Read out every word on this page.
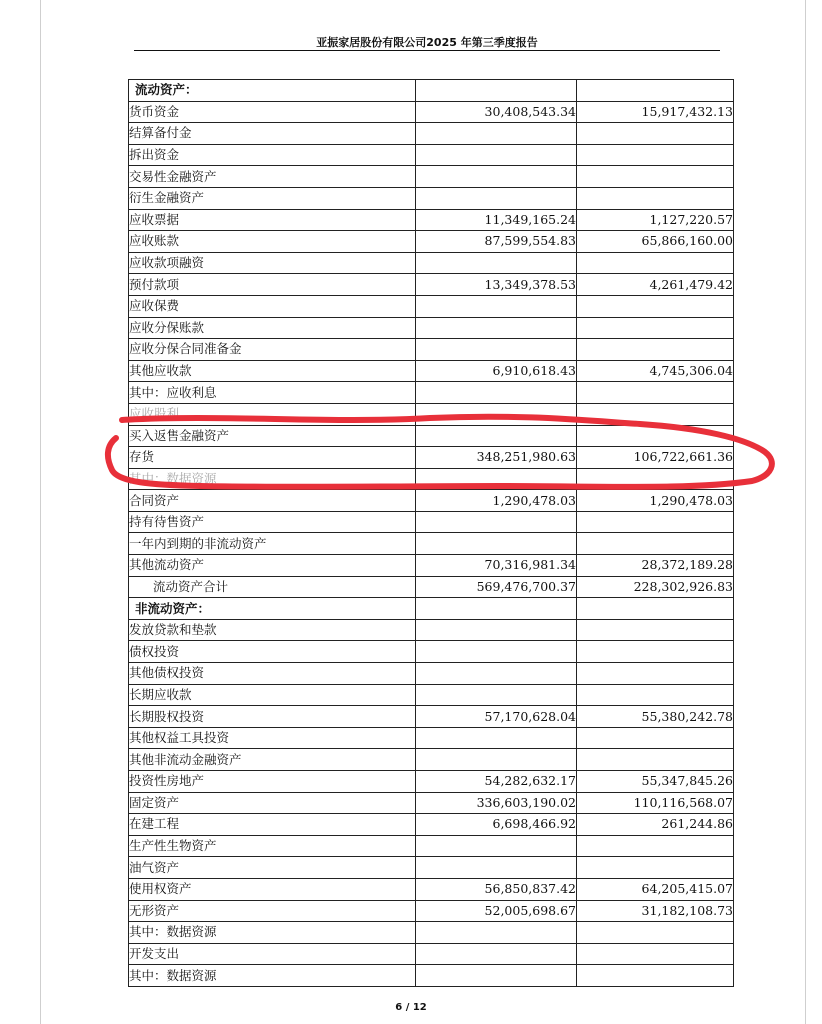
亚振家居股份有限公司2025 年第三季度报告
流动资产：		
货币资金	30,408,543.34	15,917,432.13
结算备付金		
拆出资金		
交易性金融资产		
衍生金融资产		
应收票据	11,349,165.24	1,127,220.57
应收账款	87,599,554.83	65,866,160.00
应收款项融资		
预付款项	13,349,378.53	4,261,479.42
应收保费		
应收分保账款		
应收分保合同准备金		
其他应收款	6,910,618.43	4,745,306.04
其中：应收利息		
应收股利		
买入返售金融资产		
存货	348,251,980.63	106,722,661.36
其中：数据资源		
合同资产	1,290,478.03	1,290,478.03
持有待售资产		
一年内到期的非流动资产		
其他流动资产	70,316,981.34	28,372,189.28
流动资产合计	569,476,700.37	228,302,926.83
非流动资产：		
发放贷款和垫款		
债权投资		
其他债权投资		
长期应收款		
长期股权投资	57,170,628.04	55,380,242.78
其他权益工具投资		
其他非流动金融资产		
投资性房地产	54,282,632.17	55,347,845.26
固定资产	336,603,190.02	110,116,568.07
在建工程	6,698,466.92	261,244.86
生产性生物资产		
油气资产		
使用权资产	56,850,837.42	64,205,415.07
无形资产	52,005,698.67	31,182,108.73
其中：数据资源		
开发支出		
其中：数据资源		
6 / 12
